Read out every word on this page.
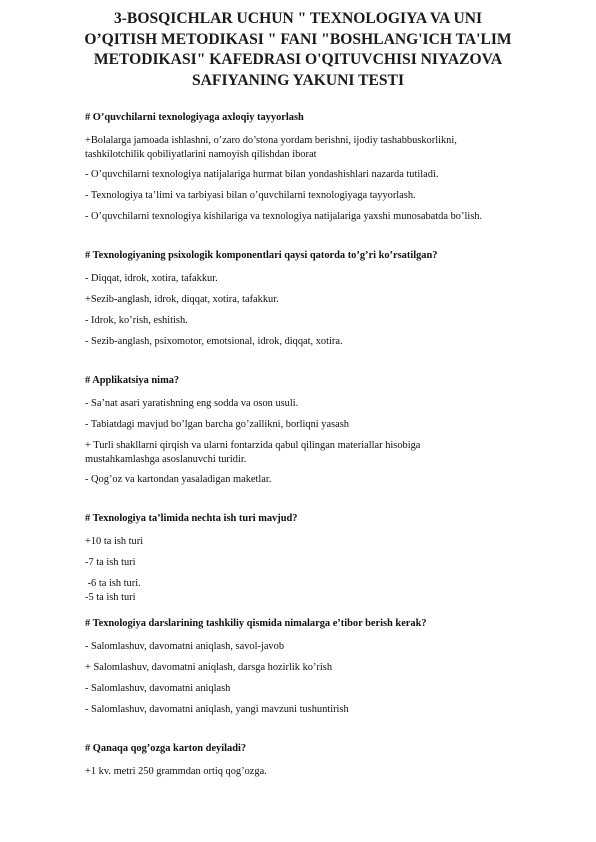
3-BOSQICHLAR UCHUN " TEXNOLOGIYA VA UNI
O’QITISH METODIKASI " FANI "BOSHLANG'ICH TA'LIM
METODIKASI" KAFEDRASI O'QITUVCHISI NIYAZOVA
SAFIYANING YAKUNI TESTI

# O’quvchilarni texnologiyaga axloqiy tayyorlash

+Bolalarga jamoada ishlashni, o’zaro do’stona yordam berishni, ijodiy tashabbuskorlikni,
tashkilotchilik qobiliyatlarini namoyish qilishdan iborat
- O’quvchilarni texnologiya natijalariga hurmat bilan yondashishlari nazarda tutiladi.
- Texnologiya ta’limi va tarbiyasi bilan o’quvchilarni texnologiyaga tayyorlash.
- O’quvchilarni texnologiya kishilariga va texnologiya natijalariga yaxshi munosabatda bo’lish.

# Texnologiyaning psixologik komponentlari qaysi qatorda to’g’ri ko’rsatilgan?

- Diqqat, idrok, xotira, tafakkur.
+Sezib-anglash, idrok, diqqat, xotira, tafakkur.
- Idrok, ko’rish, eshitish.
- Sezib-anglash, psixomotor, emotsional, idrok, diqqat, xotira.

# Applikatsiya nima?

- Sa’nat asari yaratishning eng sodda va oson usuli.
- Tabiatdagi mavjud bo’lgan barcha go’zallikni, borliqni yasash
+ Turli shakllarni qirqish va ularni fontarzida qabul qilingan materiallar hisobiga
mustahkamlashga asoslanuvchi turidir.
- Qog’oz va kartondan yasaladigan maketlar.

# Texnologiya ta’limida nechta ish turi mavjud?

+10 ta ish turi
-7 ta ish turi
-6 ta ish turi.
-5 ta ish turi

# Texnologiya darslarining tashkiliy qismida nimalarga e’tibor berish kerak?

- Salomlashuv, davomatni aniqlash, savol-javob
+ Salomlashuv, davomatni aniqlash, darsga hozirlik ko’rish
- Salomlashuv, davomatni aniqlash
- Salomlashuv, davomatni aniqlash, yangi mavzuni tushuntirish

# Qanaqa qog’ozga karton deyiladi?

+1 kv. metri 250 grammdan ortiq qog’ozga.
